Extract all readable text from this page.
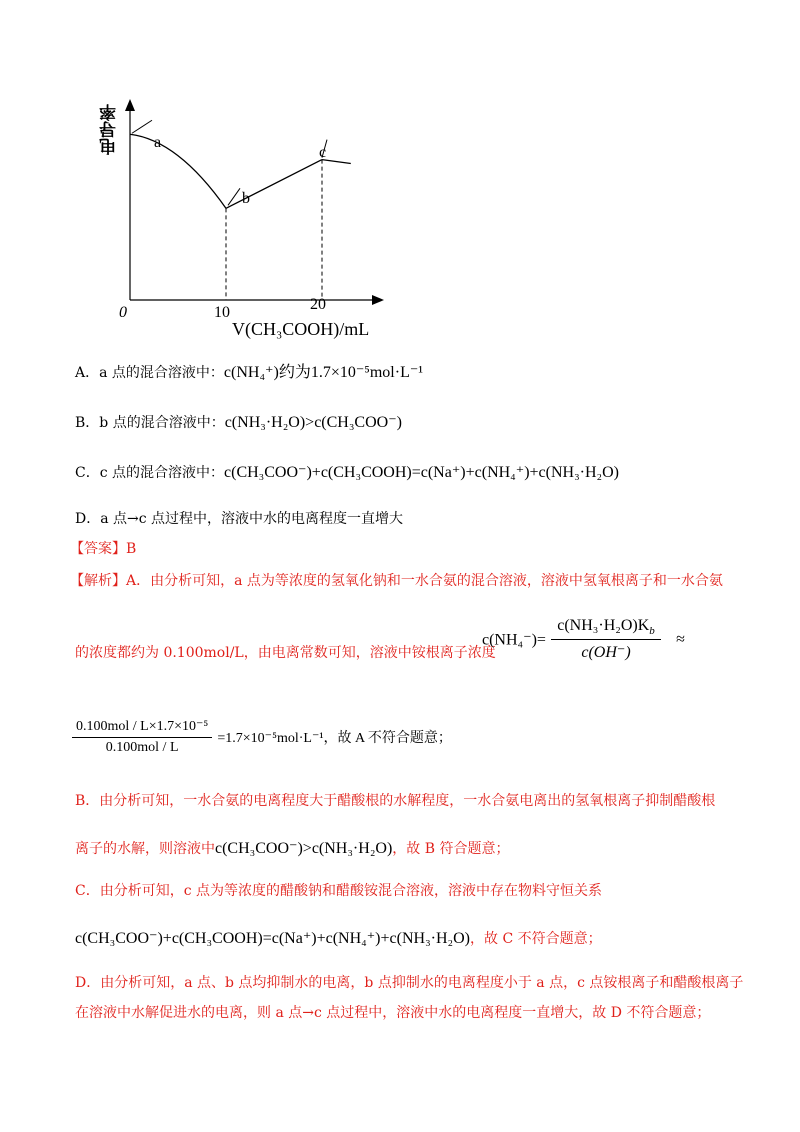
电导率
0	10	20
V(CH₃COOH)/mL
a
b
c
A．a 点的混合溶液中：c(NH₄⁺)约为1.7×10⁻⁵mol·L⁻¹
B．b 点的混合溶液中：c(NH₃·H₂O)>c(CH₃COO⁻)
C．c 点的混合溶液中：c(CH₃COO⁻)+c(CH₃COOH)=c(Na⁺)+c(NH₄⁺)+c(NH₃·H₂O)
D．a 点→c 点过程中，溶液中水的电离程度一直增大
【答案】B
【解析】A．由分析可知，a 点为等浓度的氢氧化钠和一水合氨的混合溶液，溶液中氢氧根离子和一水合氨
的浓度都约为 0.100mol/L，由电离常数可知，溶液中铵根离子浓度
$c(NH_4^-)= \frac{c(NH_3\cdot H_2O)K_b}{c(OH^-)}$ ≈
$\frac{\text{0.100mol / L×1.7×10⁻⁵}}{\text{0.100mol / L}} =1.7\times 10^{-5}mol\cdot L^{-1}$，故 A 不符合题意；
B．由分析可知，一水合氨的电离程度大于醋酸根的水解程度，一水合氨电离出的氢氧根离子抑制醋酸根
离子的水解，则溶液中c(CH₃COO⁻)>c(NH₃·H₂O)，故 B 符合题意；
C．由分析可知，c 点为等浓度的醋酸钠和醋酸铵混合溶液，溶液中存在物料守恒关系
c(CH₃COO⁻)+c(CH₃COOH)=c(Na⁺)+c(NH₄⁺)+c(NH₃·H₂O)，故 C 不符合题意；
D．由分析可知，a 点、b 点均抑制水的电离，b 点抑制水的电离程度小于 a 点，c 点铵根离子和醋酸根离子
在溶液中水解促进水的电离，则 a 点→c 点过程中，溶液中水的电离程度一直增大，故 D 不符合题意；
